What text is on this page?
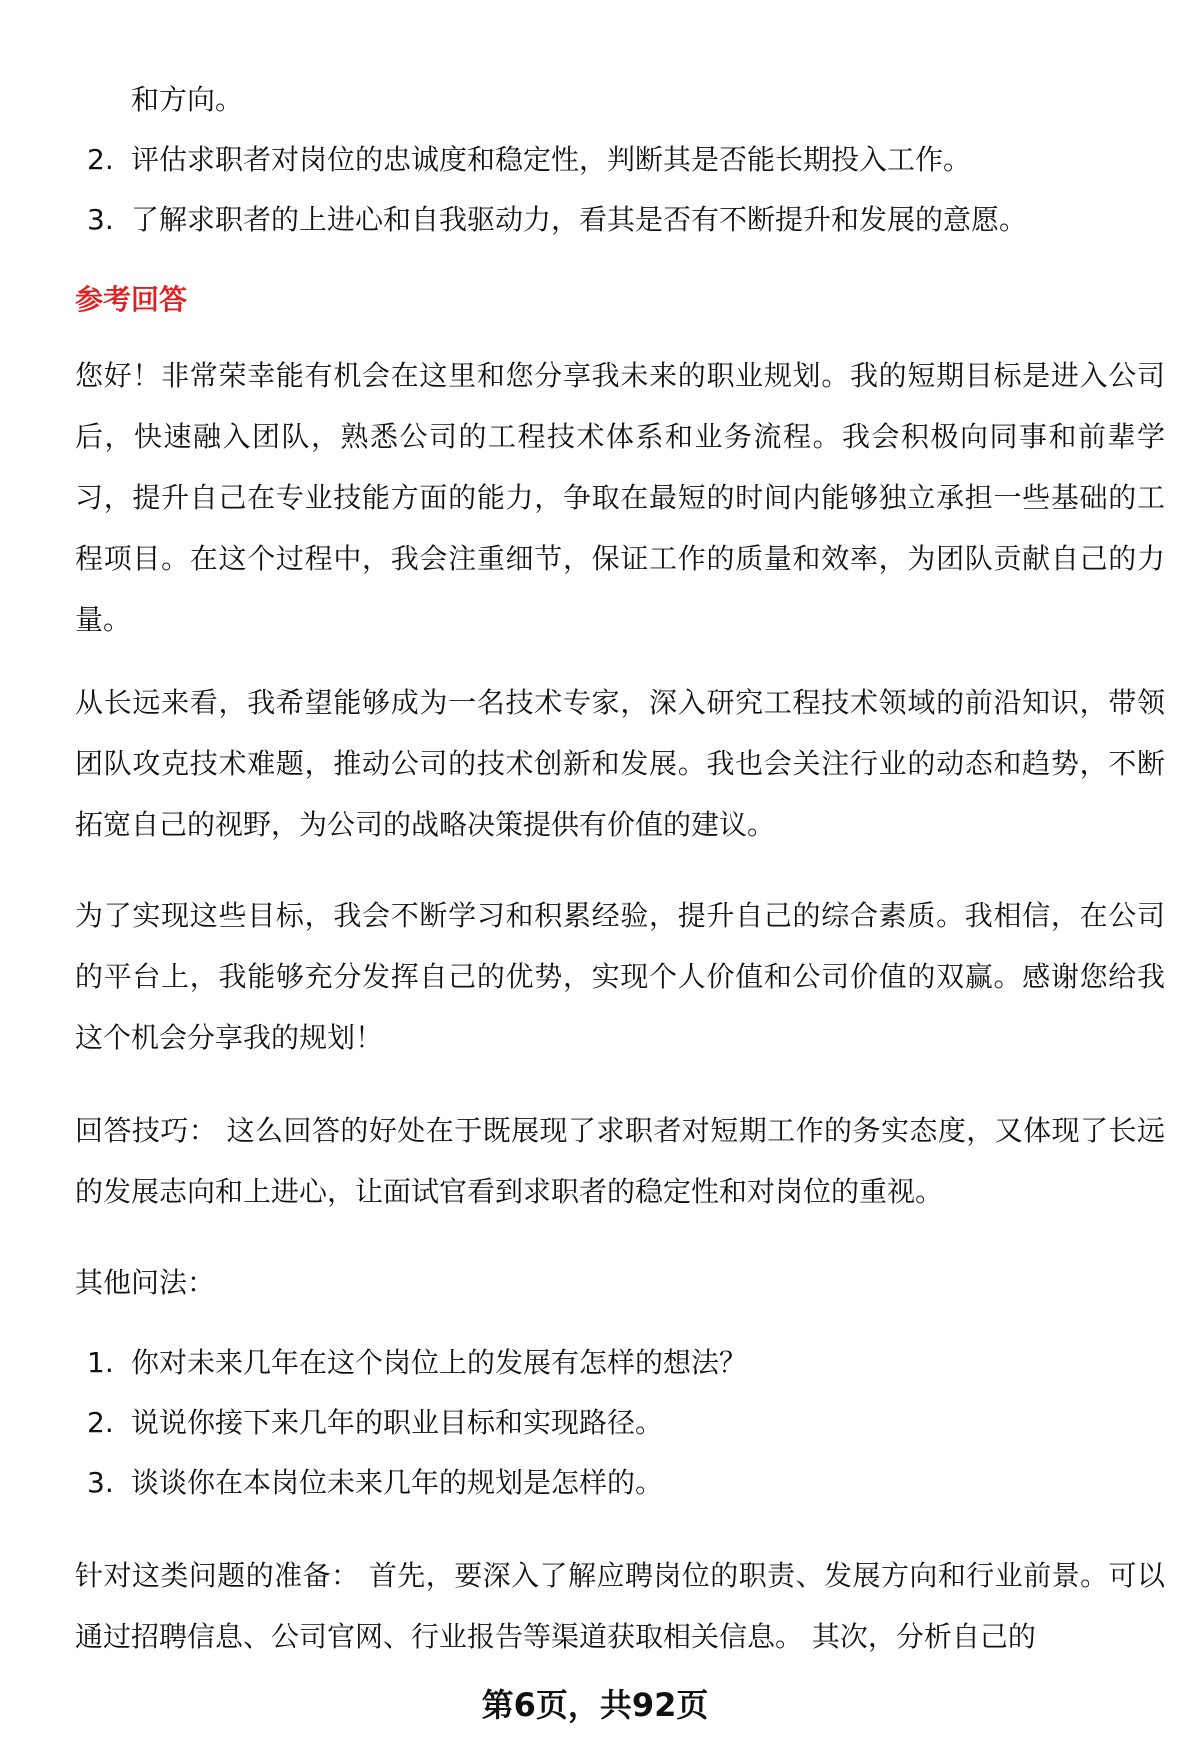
和方向。
2. 评估求职者对岗位的忠诚度和稳定性，判断其是否能长期投入工作。
3. 了解求职者的上进心和自我驱动力，看其是否有不断提升和发展的意愿。
参考回答
您好！非常荣幸能有机会在这里和您分享我未来的职业规划。我的短期目标是进入公司后，快速融入团队，熟悉公司的工程技术体系和业务流程。我会积极向同事和前辈学习，提升自己在专业技能方面的能力，争取在最短的时间内能够独立承担一些基础的工程项目。在这个过程中，我会注重细节，保证工作的质量和效率，为团队贡献自己的力量。
从长远来看，我希望能够成为一名技术专家，深入研究工程技术领域的前沿知识，带领团队攻克技术难题，推动公司的技术创新和发展。我也会关注行业的动态和趋势，不断拓宽自己的视野，为公司的战略决策提供有价值的建议。
为了实现这些目标，我会不断学习和积累经验，提升自己的综合素质。我相信，在公司的平台上，我能够充分发挥自己的优势，实现个人价值和公司价值的双赢。感谢您给我这个机会分享我的规划！
回答技巧： 这么回答的好处在于既展现了求职者对短期工作的务实态度，又体现了长远的发展志向和上进心，让面试官看到求职者的稳定性和对岗位的重视。
其他问法：
1. 你对未来几年在这个岗位上的发展有怎样的想法？
2. 说说你接下来几年的职业目标和实现路径。
3. 谈谈你在本岗位未来几年的规划是怎样的。
针对这类问题的准备： 首先，要深入了解应聘岗位的职责、发展方向和行业前景。可以通过招聘信息、公司官网、行业报告等渠道获取相关信息。 其次，分析自己的
第6页，共92页
